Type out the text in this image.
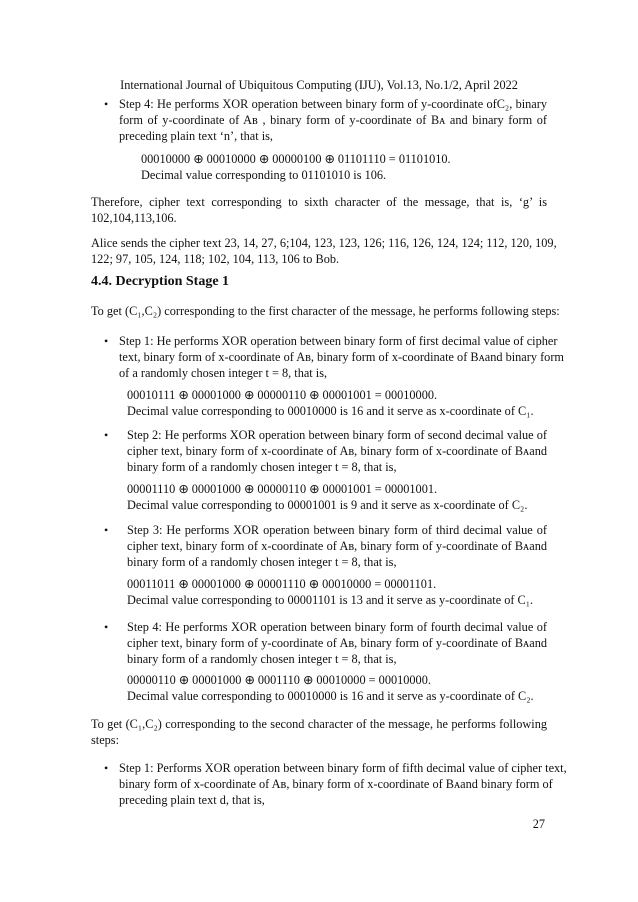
International Journal of Ubiquitous Computing (IJU), Vol.13, No.1/2, April 2022
• Step 4: He performs XOR operation between binary form of y-coordinate ofC₂, binary
form of y-coordinate of Aʙ , binary form of y-coordinate of Bᴀ and binary form of
preceding plain text ‘n’, that is,
00010000 ⊕ 00010000 ⊕ 00000100 ⊕ 01101110 = 01101010.
Decimal value corresponding to 01101010 is 106.
Therefore, cipher text corresponding to sixth character of the message, that is, ‘g’ is
102,104,113,106.
Alice sends the cipher text 23, 14, 27, 6;104, 123, 123, 126; 116, 126, 124, 124; 112, 120, 109,
122; 97, 105, 124, 118; 102, 104, 113, 106 to Bob.
4.4. Decryption Stage 1
To get (C₁,C₂) corresponding to the first character of the message, he performs following steps:
• Step 1: He performs XOR operation between binary form of first decimal value of cipher
text, binary form of x-coordinate of Aʙ, binary form of x-coordinate of Bᴀand binary form
of a randomly chosen integer t = 8, that is,
00010111 ⊕ 00001000 ⊕ 00000110 ⊕ 00001001 = 00010000.
Decimal value corresponding to 00010000 is 16 and it serve as x-coordinate of C₁.
• Step 2: He performs XOR operation between binary form of second decimal value of
cipher text, binary form of x-coordinate of Aʙ, binary form of x-coordinate of Bᴀand
binary form of a randomly chosen integer t = 8, that is,
00001110 ⊕ 00001000 ⊕ 00000110 ⊕ 00001001 = 00001001.
Decimal value corresponding to 00001001 is 9 and it serve as x-coordinate of C₂.
• Step 3: He performs XOR operation between binary form of third decimal value of
cipher text, binary form of x-coordinate of Aʙ, binary form of y-coordinate of Bᴀand
binary form of a randomly chosen integer t = 8, that is,
00011011 ⊕ 00001000 ⊕ 00001110 ⊕ 00010000 = 00001101.
Decimal value corresponding to 00001101 is 13 and it serve as y-coordinate of C₁.
• Step 4: He performs XOR operation between binary form of fourth decimal value of
cipher text, binary form of y-coordinate of Aʙ, binary form of y-coordinate of Bᴀand
binary form of a randomly chosen integer t = 8, that is,
00000110 ⊕ 00001000 ⊕ 0001110 ⊕ 00010000 = 00010000.
Decimal value corresponding to 00010000 is 16 and it serve as y-coordinate of C₂.
To get (C₁,C₂) corresponding to the second character of the message, he performs following
steps:
• Step 1: Performs XOR operation between binary form of fifth decimal value of cipher text,
binary form of x-coordinate of Aʙ, binary form of x-coordinate of Bᴀand binary form of
preceding plain text d, that is,
27
